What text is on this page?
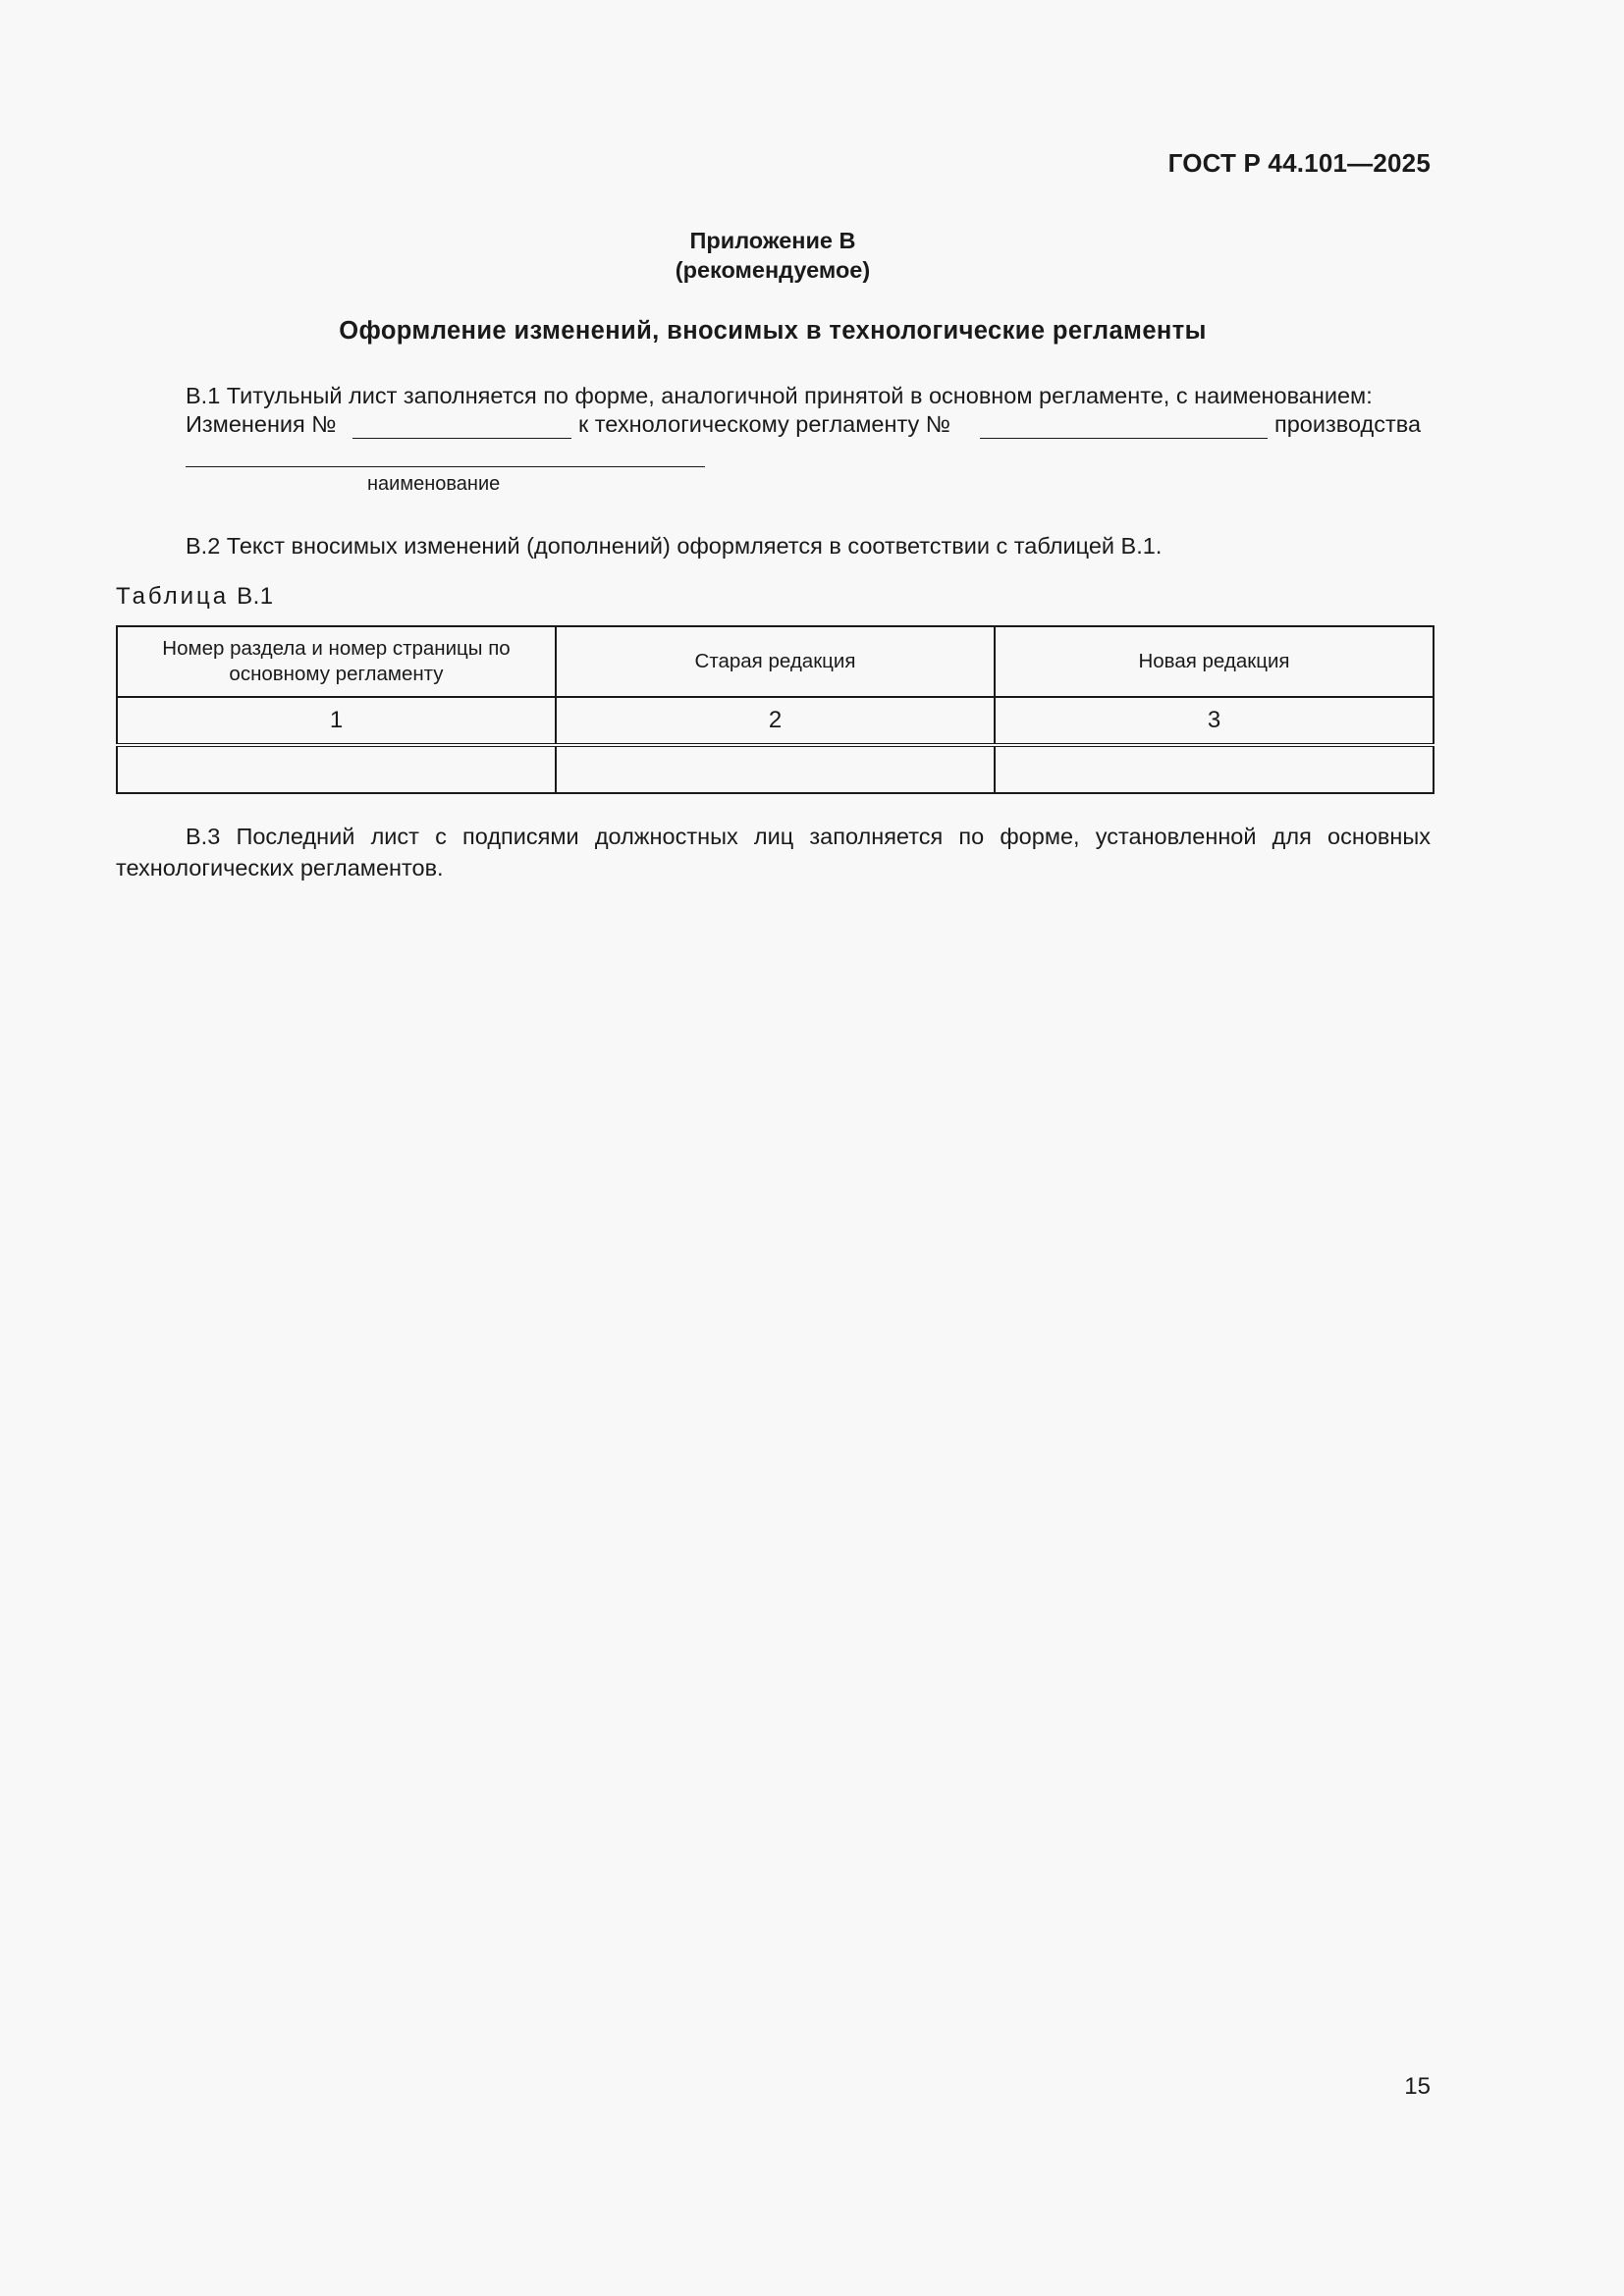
ГОСТ Р 44.101—2025
Приложение В
(рекомендуемое)
Оформление изменений, вносимых в технологические регламенты
В.1 Титульный лист заполняется по форме, аналогичной принятой в основном регламенте, с наименованием:
Изменения №	к технологическому регламенту №	производства
наименование
В.2 Текст вносимых изменений (дополнений) оформляется в соответствии с таблицей В.1.
Таблица В.1
Номер раздела и номер страницы по основному регламенту	Старая редакция	Новая редакция
1	2	3

В.3 Последний лист с подписями должностных лиц заполняется по форме, установленной для основных технологических регламентов.
15
